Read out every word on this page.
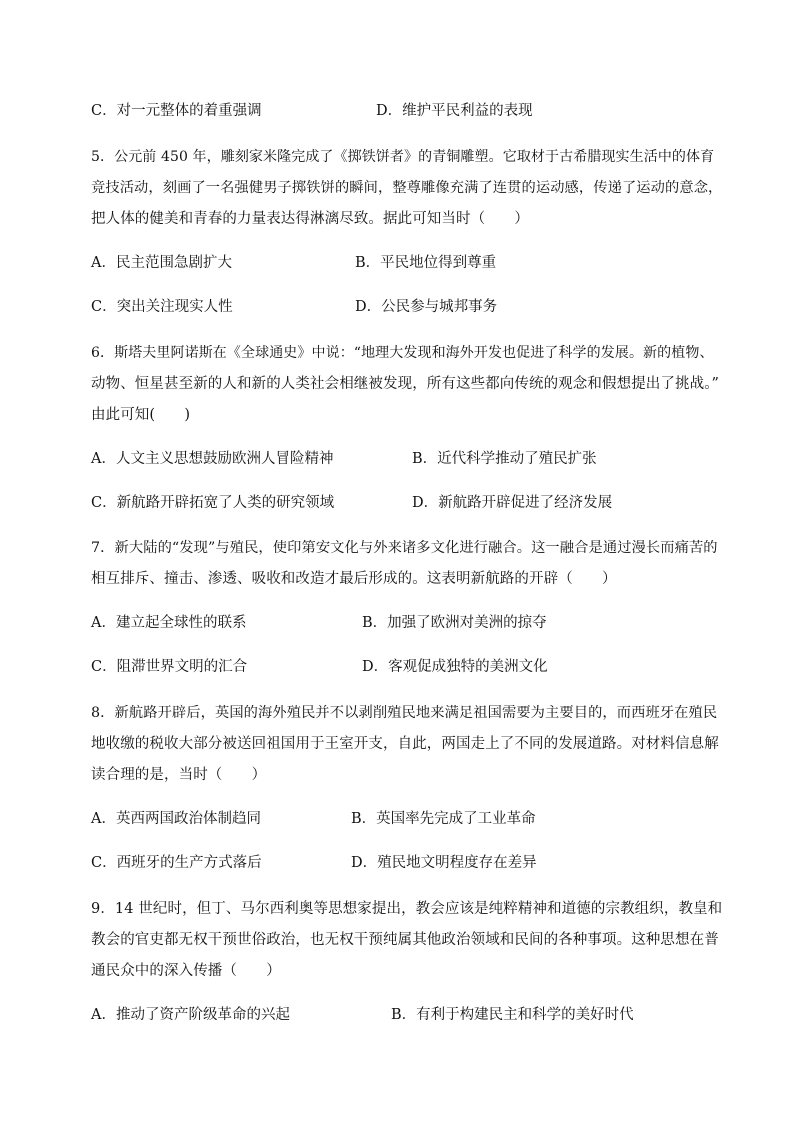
C．对一元整体的着重强调	D．维护平民利益的表现
5．公元前 450 年，雕刻家米隆完成了《掷铁饼者》的青铜雕塑。它取材于古希腊现实生活中的体育
竞技活动，刻画了一名强健男子掷铁饼的瞬间，整尊雕像充满了连贯的运动感，传递了运动的意念，
把人体的健美和青春的力量表达得淋漓尽致。据此可知当时（　　）
A．民主范围急剧扩大	B．平民地位得到尊重
C．突出关注现实人性	D．公民参与城邦事务
6．斯塔夫里阿诺斯在《全球通史》中说：“地理大发现和海外开发也促进了科学的发展。新的植物、
动物、恒星甚至新的人和新的人类社会相继被发现，所有这些都向传统的观念和假想提出了挑战。”
由此可知(　　)
A．人文主义思想鼓励欧洲人冒险精神	B．近代科学推动了殖民扩张
C．新航路开辟拓宽了人类的研究领域	D．新航路开辟促进了经济发展
7．新大陆的“发现”与殖民，使印第安文化与外来诸多文化进行融合。这一融合是通过漫长而痛苦的
相互排斥、撞击、渗透、吸收和改造才最后形成的。这表明新航路的开辟（　　）
A．建立起全球性的联系	B．加强了欧洲对美洲的掠夺
C．阻滞世界文明的汇合	D．客观促成独特的美洲文化
8．新航路开辟后，英国的海外殖民并不以剥削殖民地来满足祖国需要为主要目的，而西班牙在殖民
地收缴的税收大部分被送回祖国用于王室开支，自此，两国走上了不同的发展道路。对材料信息解
读合理的是，当时（　　）
A．英西两国政治体制趋同	B．英国率先完成了工业革命
C．西班牙的生产方式落后	D．殖民地文明程度存在差异
9．14 世纪时，但丁、马尔西利奥等思想家提出，教会应该是纯粹精神和道德的宗教组织，教皇和
教会的官吏都无权干预世俗政治，也无权干预纯属其他政治领域和民间的各种事项。这种思想在普
通民众中的深入传播（　　）
A．推动了资产阶级革命的兴起	B．有利于构建民主和科学的美好时代
